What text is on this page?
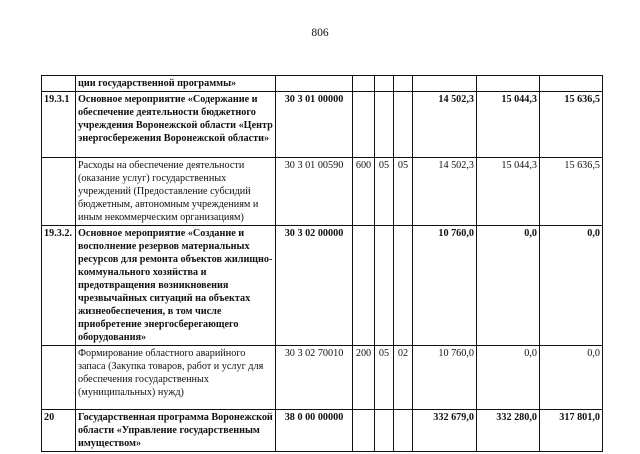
806
	ции государственной программы»							
19.3.1	Основное мероприятие «Содержание и обеспечение деятельности бюджетного учреждения Воронежской области «Центр энергосбережения Воронежской области»	30 3 01 00000				14 502,3	15 044,3	15 636,5
	Расходы на обеспечение деятельности (оказание услуг) государственных учреждений (Предоставление субсидий бюджетным, автономным учреждениям и иным некоммерческим организациям)	30 3 01 00590	600	05	05	14 502,3	15 044,3	15 636,5
19.3.2.	Основное мероприятие «Создание и восполнение резервов материальных ресурсов для ремонта объектов жилищно-коммунального хозяйства и предотвращения возникновения чрезвычайных ситуаций на объектах жизнеобеспечения, в том числе приобретение энергосберегающего оборудования»	30 3 02 00000				10 760,0	0,0	0,0
	Формирование областного аварийного запаса (Закупка товаров, работ и услуг для обеспечения государственных (муниципальных) нужд)	30 3 02 70010	200	05	02	10 760,0	0,0	0,0
20	Государственная программа Воронежской области «Управление государственным имуществом»	38 0 00 00000				332 679,0	332 280,0	317 801,0
